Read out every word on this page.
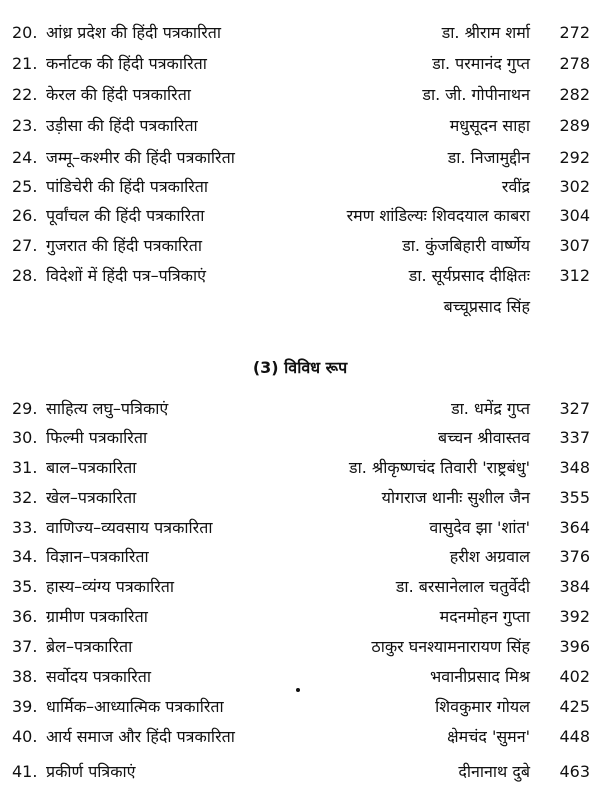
20. आंध्र प्रदेश की हिंदी पत्रकारिता	डा. श्रीराम शर्मा	272
21. कर्नाटक की हिंदी पत्रकारिता	डा. परमानंद गुप्त	278
22. केरल की हिंदी पत्रकारिता	डा. जी. गोपीनाथन	282
23. उड़ीसा की हिंदी पत्रकारिता	मधुसूदन साहा	289
24. जम्मू–कश्मीर की हिंदी पत्रकारिता	डा. निजामुद्दीन	292
25. पांडिचेरी की हिंदी पत्रकारिता	रवींद्र	302
26. पूर्वांचल की हिंदी पत्रकारिता	रमण शांडिल्यः शिवदयाल काबरा	304
27. गुजरात की हिंदी पत्रकारिता	डा. कुंजबिहारी वार्ष्णेय	307
28. विदेशों में हिंदी पत्र–पत्रिकाएं	डा. सूर्यप्रसाद दीक्षितः	312
बच्चूप्रसाद सिंह
(3) विविध रूप
29. साहित्य लघु–पत्रिकाएं	डा. धमेंद्र गुप्त	327
30. फिल्मी पत्रकारिता	बच्चन श्रीवास्तव	337
31. बाल–पत्रकारिता	डा. श्रीकृष्णचंद तिवारी 'राष्ट्रबंधु'	348
32. खेल–पत्रकारिता	योगराज थानीः सुशील जैन	355
33. वाणिज्य–व्यवसाय पत्रकारिता	वासुदेव झा 'शांत'	364
34. विज्ञान–पत्रकारिता	हरीश अग्रवाल	376
35. हास्य–व्यंग्य पत्रकारिता	डा. बरसानेलाल चतुर्वेदी	384
36. ग्रामीण पत्रकारिता	मदनमोहन गुप्ता	392
37. ब्रेल–पत्रकारिता	ठाकुर घनश्यामनारायण सिंह	396
38. सर्वोदय पत्रकारिता	भवानीप्रसाद मिश्र	402
39. धार्मिक–आध्यात्मिक पत्रकारिता	शिवकुमार गोयल	425
40. आर्य समाज और हिंदी पत्रकारिता	क्षेमचंद 'सुमन'	448
41. प्रकीर्ण पत्रिकाएं	दीनानाथ दुबे	463
